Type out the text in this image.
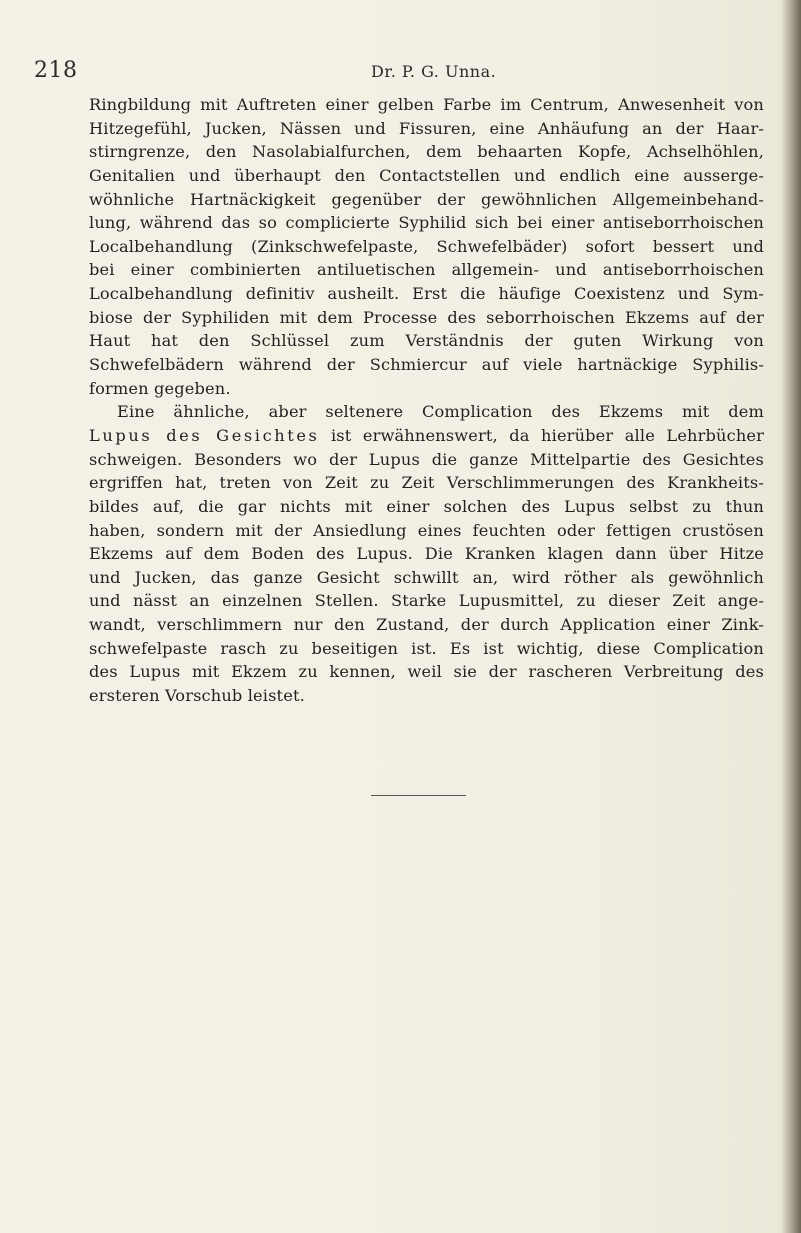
218	Dr. P. G. Unna.
Ringbildung mit Auftreten einer gelben Farbe im Centrum, Anwesenheit von
Hitzegefühl, Jucken, Nässen und Fissuren, eine Anhäufung an der Haar-
stirngrenze, den Nasolabialfurchen, dem behaarten Kopfe, Achselhöhlen,
Genitalien und überhaupt den Contactstellen und endlich eine ausserge-
wöhnliche Hartnäckigkeit gegenüber der gewöhnlichen Allgemeinbehand-
lung, während das so complicierte Syphilid sich bei einer antiseborrhoischen
Localbehandlung (Zinkschwefelpaste, Schwefelbäder) sofort bessert und
bei einer combinierten antiluetischen allgemein- und antiseborrhoischen
Localbehandlung definitiv ausheilt. Erst die häufige Coexistenz und Sym-
biose der Syphiliden mit dem Processe des seborrhoischen Ekzems auf der
Haut hat den Schlüssel zum Verständnis der guten Wirkung von
Schwefelbädern während der Schmiercur auf viele hartnäckige Syphilis-
formen gegeben.
Eine ähnliche, aber seltenere Complication des Ekzems mit dem
Lupus des Gesichtes ist erwähnenswert, da hierüber alle Lehrbücher
schweigen. Besonders wo der Lupus die ganze Mittelpartie des Gesichtes
ergriffen hat, treten von Zeit zu Zeit Verschlimmerungen des Krankheits-
bildes auf, die gar nichts mit einer solchen des Lupus selbst zu thun
haben, sondern mit der Ansiedlung eines feuchten oder fettigen crustösen
Ekzems auf dem Boden des Lupus. Die Kranken klagen dann über Hitze
und Jucken, das ganze Gesicht schwillt an, wird röther als gewöhnlich
und nässt an einzelnen Stellen. Starke Lupusmittel, zu dieser Zeit ange-
wandt, verschlimmern nur den Zustand, der durch Application einer Zink-
schwefelpaste rasch zu beseitigen ist. Es ist wichtig, diese Complication
des Lupus mit Ekzem zu kennen, weil sie der rascheren Verbreitung des
ersteren Vorschub leistet.
